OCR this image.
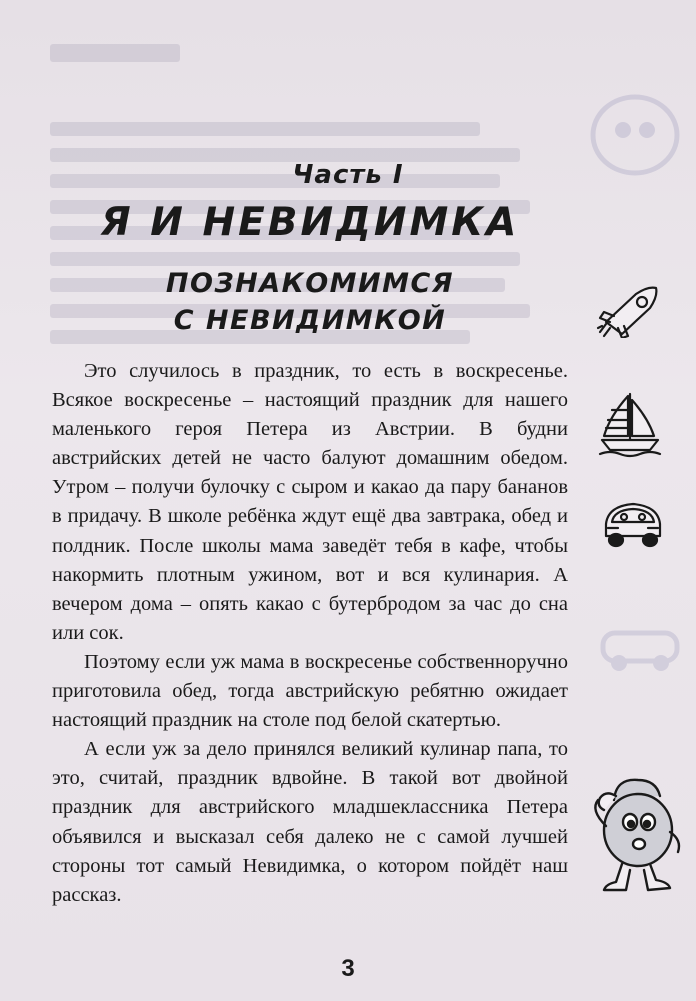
Часть I
Я И НЕВИДИМКА
ПОЗНАКОМИМСЯ
С НЕВИДИМКОЙ

Это случилось в праздник, то есть в воскресенье. Всякое воскресенье – настоящий праздник для нашего маленького героя Петера из Австрии. В будни австрийских детей не часто балуют домашним обедом. Утром – получи булочку с сыром и какао да пару бананов в придачу. В школе ребёнка ждут ещё два завтрака, обед и полдник. После школы мама заведёт тебя в кафе, чтобы накормить плотным ужином, вот и вся кулинария. А вечером дома – опять какао с бутербродом за час до сна или сок.

Поэтому если уж мама в воскресенье собственноручно приготовила обед, тогда австрийскую ребятню ожидает настоящий праздник на столе под белой скатертью.

А если уж за дело принялся великий кулинар папа, то это, считай, праздник вдвойне. В такой вот двойной праздник для австрийского младшеклассника Петера объявился и высказал себя далеко не с самой лучшей стороны тот самый Невидимка, о котором пойдёт наш рассказ.

3
